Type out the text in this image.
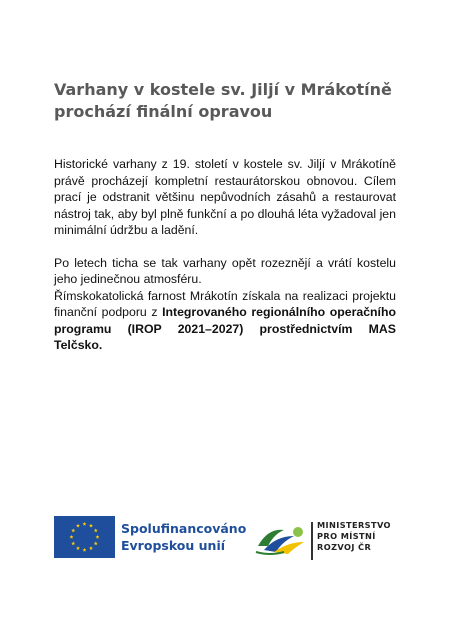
Varhany v kostele sv. Jiljí v Mrákotíně prochází finální opravou

Historické varhany z 19. století v kostele sv. Jiljí v Mrákotíně právě procházejí kompletní restaurátorskou obnovou. Cílem prací je odstranit většinu nepůvodních zásahů a restaurovat nástroj tak, aby byl plně funkční a po dlouhá léta vyžadoval jen minimální údržbu a ladění.

Po letech ticha se tak varhany opět rozeznějí a vrátí kostelu jeho jedinečnou atmosféru.

Římskokatolická farnost Mrákotín získala na realizaci projektu finanční podporu z Integrovaného regionálního operačního programu (IROP 2021–2027) prostřednictvím MAS Telčsko.

Spolufinancováno
Evropskou unií
MINISTERSTVO
PRO MÍSTNÍ
ROZVOJ ČR
